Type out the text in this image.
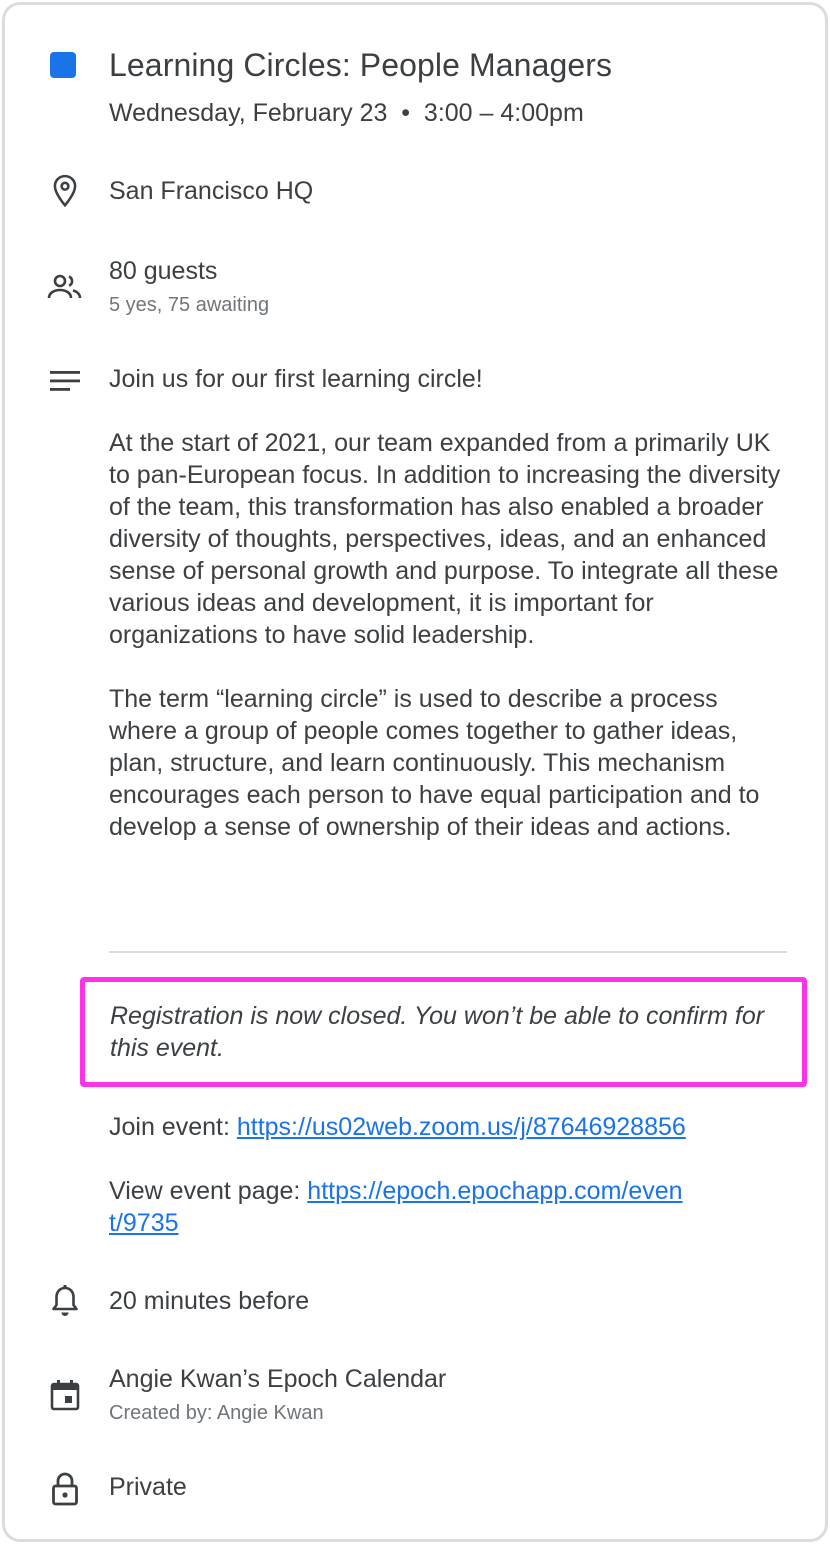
Learning Circles: People Managers
Wednesday, February 23  •  3:00 – 4:00pm
San Francisco HQ
80 guests
5 yes, 75 awaiting

Join us for our first learning circle!

At the start of 2021, our team expanded from a primarily UK to pan-European focus. In addition to increasing the diversity of the team, this transformation has also enabled a broader diversity of thoughts, perspectives, ideas, and an enhanced sense of personal growth and purpose. To integrate all these various ideas and development, it is important for organizations to have solid leadership.

The term “learning circle” is used to describe a process where a group of people comes together to gather ideas, plan, structure, and learn continuously. This mechanism encourages each person to have equal participation and to develop a sense of ownership of their ideas and actions.

Registration is now closed. You won’t be able to confirm for this event.
Join event: https://us02web.zoom.us/j/87646928856
View event page: https://epoch.epochapp.com/event/9735
20 minutes before
Angie Kwan’s Epoch Calendar
Created by: Angie Kwan
Private
